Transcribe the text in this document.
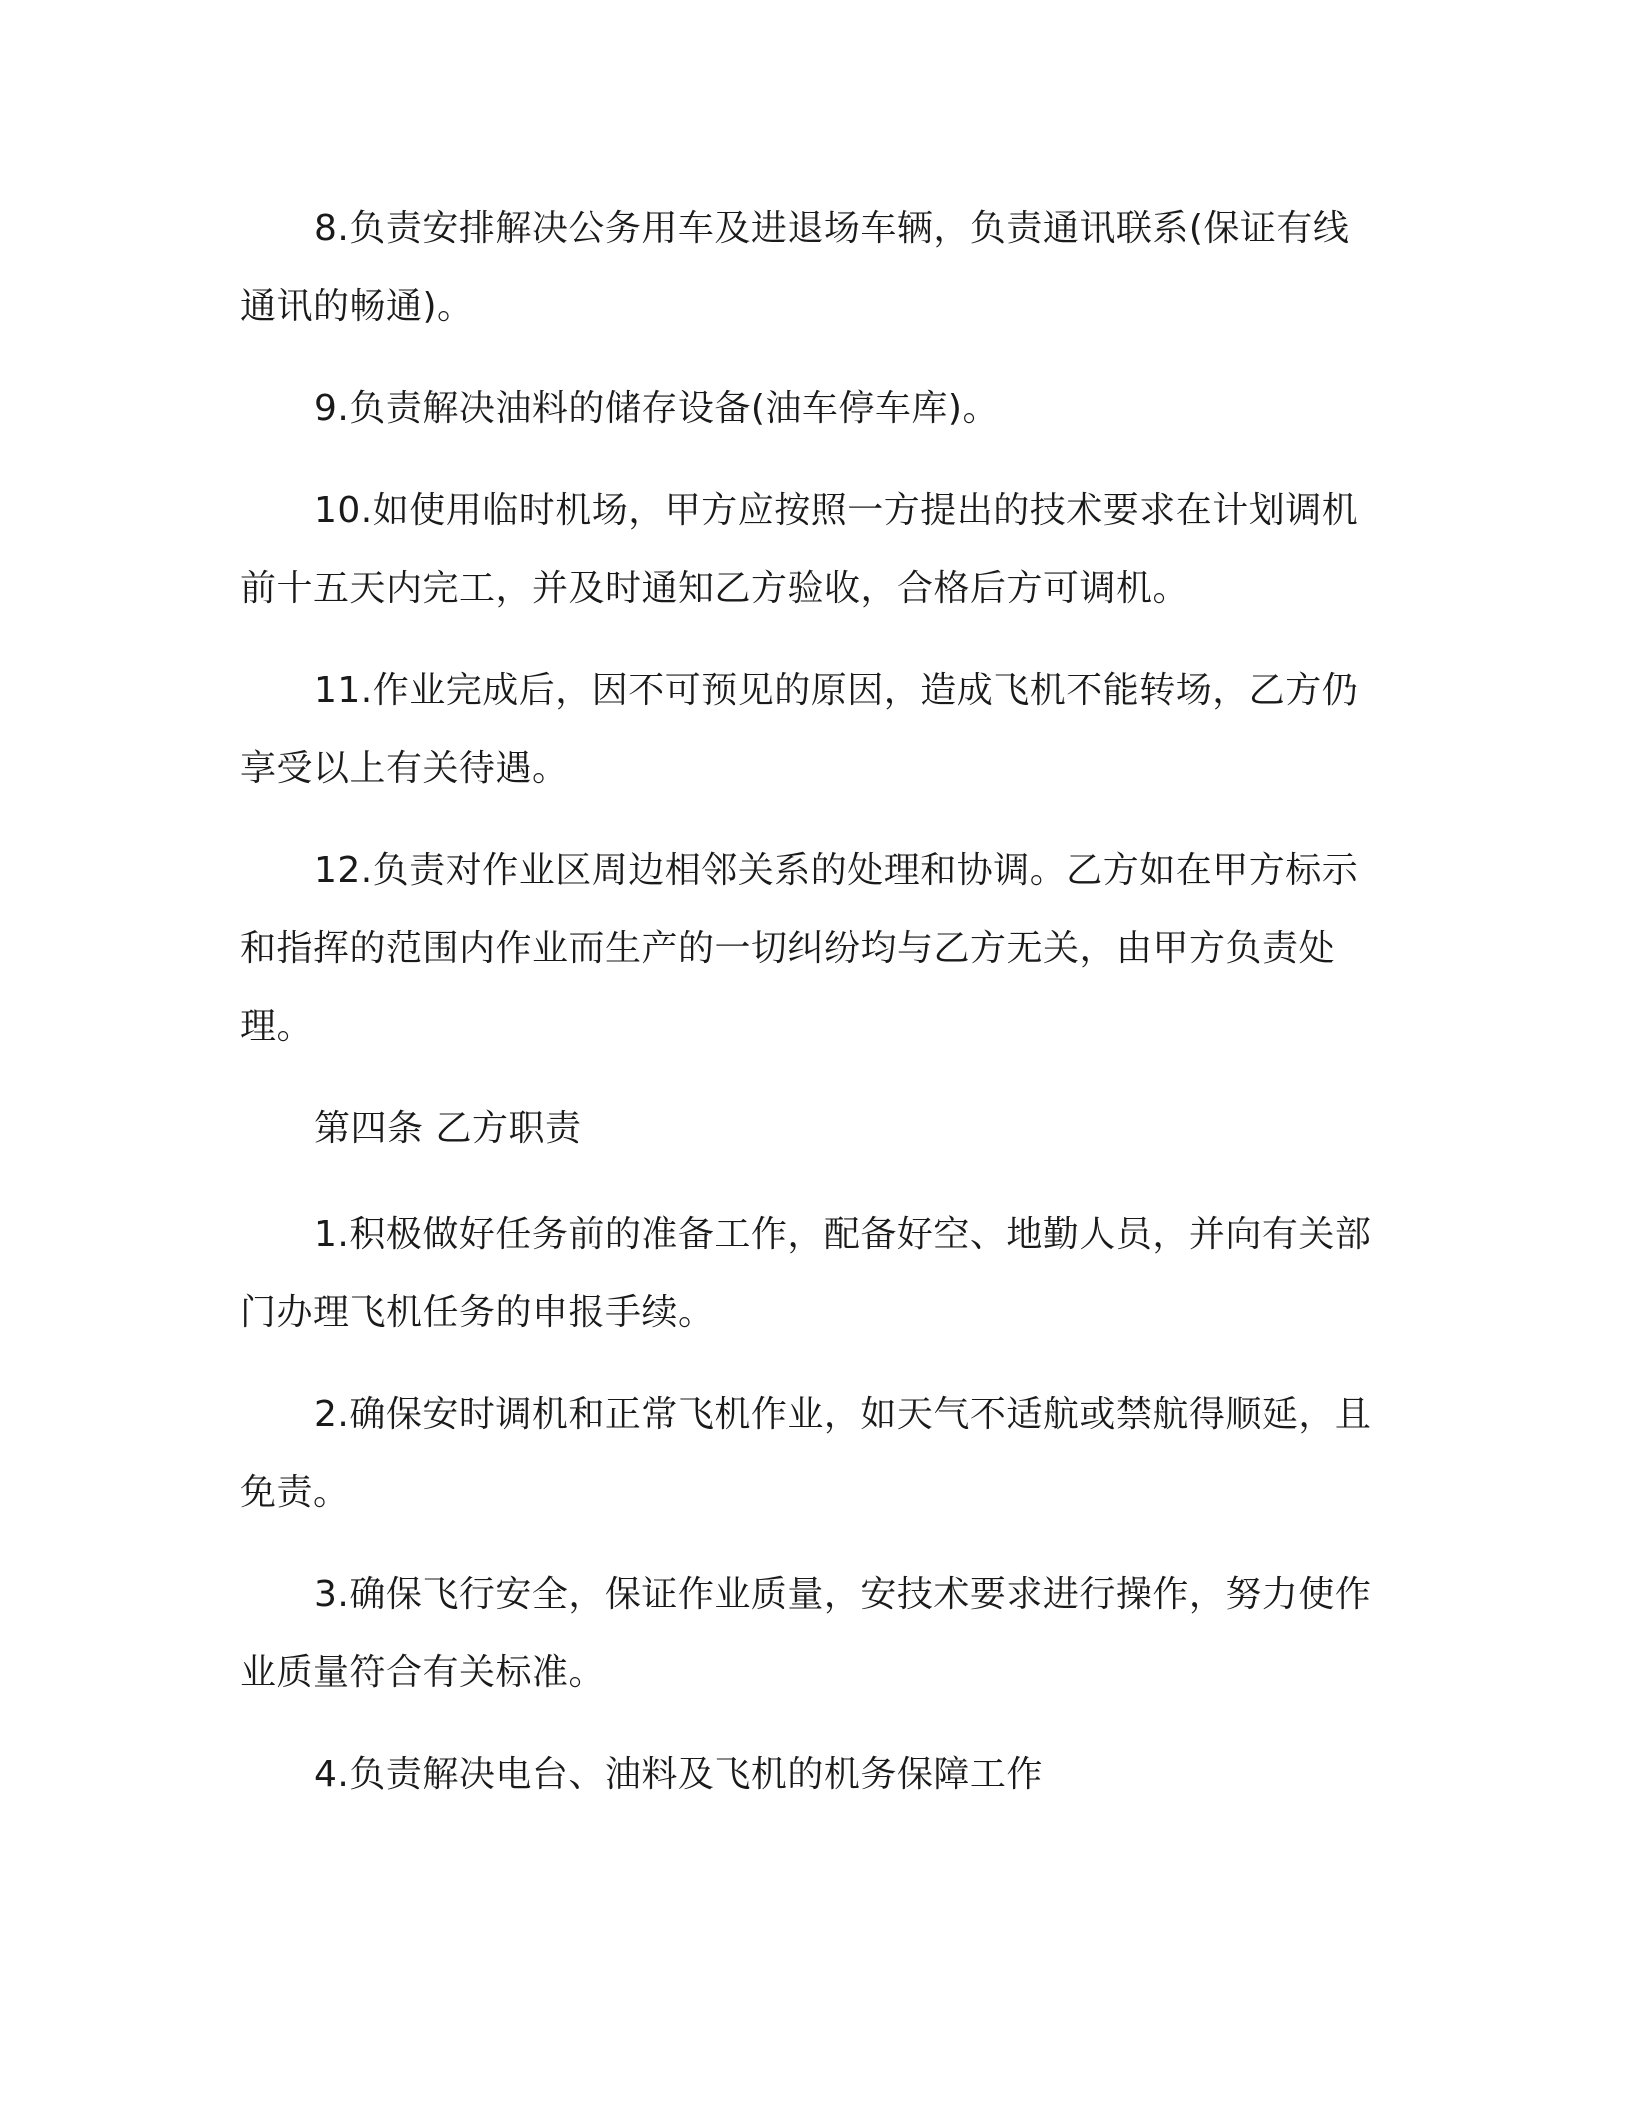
8.负责安排解决公务用车及进退场车辆，负责通讯联系(保证有线通讯的畅通)。

9.负责解决油料的储存设备(油车停车库)。

10.如使用临时机场，甲方应按照一方提出的技术要求在计划调机前十五天内完工，并及时通知乙方验收，合格后方可调机。

11.作业完成后，因不可预见的原因，造成飞机不能转场，乙方仍享受以上有关待遇。

12.负责对作业区周边相邻关系的处理和协调。乙方如在甲方标示和指挥的范围内作业而生产的一切纠纷均与乙方无关，由甲方负责处理。

第四条 乙方职责

1.积极做好任务前的准备工作，配备好空、地勤人员，并向有关部门办理飞机任务的申报手续。

2.确保安时调机和正常飞机作业，如天气不适航或禁航得顺延，且免责。

3.确保飞行安全，保证作业质量，安技术要求进行操作，努力使作业质量符合有关标准。

4.负责解决电台、油料及飞机的机务保障工作
